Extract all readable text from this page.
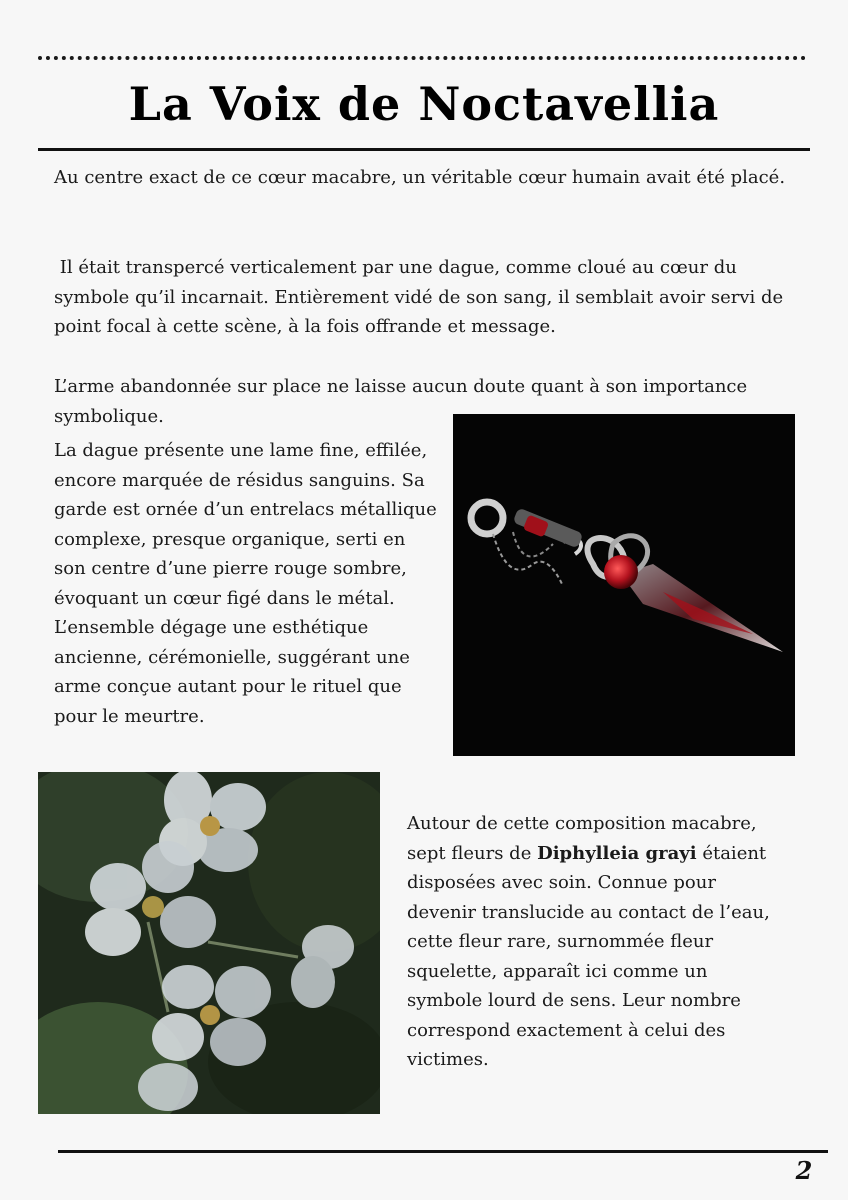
La Voix de Noctavellia

Au centre exact de ce cœur macabre, un véritable cœur humain avait été placé.

Il était transpercé verticalement par une dague, comme cloué au cœur du symbole qu’il incarnait. Entièrement vidé de son sang, il semblait avoir servi de point focal à cette scène, à la fois offrande et message.

L’arme abandonnée sur place ne laisse aucun doute quant à son importance symbolique.

La dague présente une lame fine, effilée, encore marquée de résidus sanguins. Sa garde est ornée d’un entrelacs métallique complexe, presque organique, serti en son centre d’une pierre rouge sombre, évoquant un cœur figé dans le métal. L’ensemble dégage une esthétique ancienne, cérémonielle, suggérant une arme conçue autant pour le rituel que pour le meurtre.

Autour de cette composition macabre, sept fleurs de Diphylleia grayi étaient disposées avec soin. Connue pour devenir translucide au contact de l’eau, cette fleur rare, surnommée fleur squelette, apparaît ici comme un symbole lourd de sens. Leur nombre correspond exactement à celui des victimes.

2
